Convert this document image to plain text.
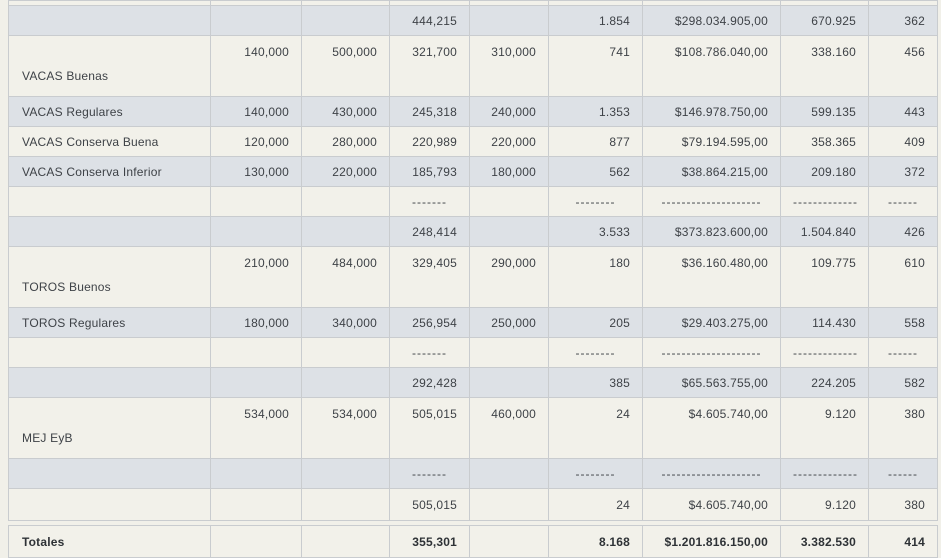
			444,215		1.854	$298.034.905,00	670.925	362
VACAS Buenas	140,000	500,000	321,700	310,000	741	$108.786.040,00	338.160	456
VACAS Regulares	140,000	430,000	245,318	240,000	1.353	$146.978.750,00	599.135	443
VACAS Conserva Buena	120,000	280,000	220,989	220,000	877	$79.194.595,00	358.365	409
VACAS Conserva Inferior	130,000	220,000	185,793	180,000	562	$38.864.215,00	209.180	372
			-------		--------	--------------------	-------------	------
			248,414		3.533	$373.823.600,00	1.504.840	426
TOROS Buenos	210,000	484,000	329,405	290,000	180	$36.160.480,00	109.775	610
TOROS Regulares	180,000	340,000	256,954	250,000	205	$29.403.275,00	114.430	558
			-------		--------	--------------------	-------------	------
			292,428		385	$65.563.755,00	224.205	582
MEJ EyB	534,000	534,000	505,015	460,000	24	$4.605.740,00	9.120	380
			-------		--------	--------------------	-------------	------
			505,015		24	$4.605.740,00	9.120	380
Totales			355,301		8.168	$1.201.816.150,00	3.382.530	414
